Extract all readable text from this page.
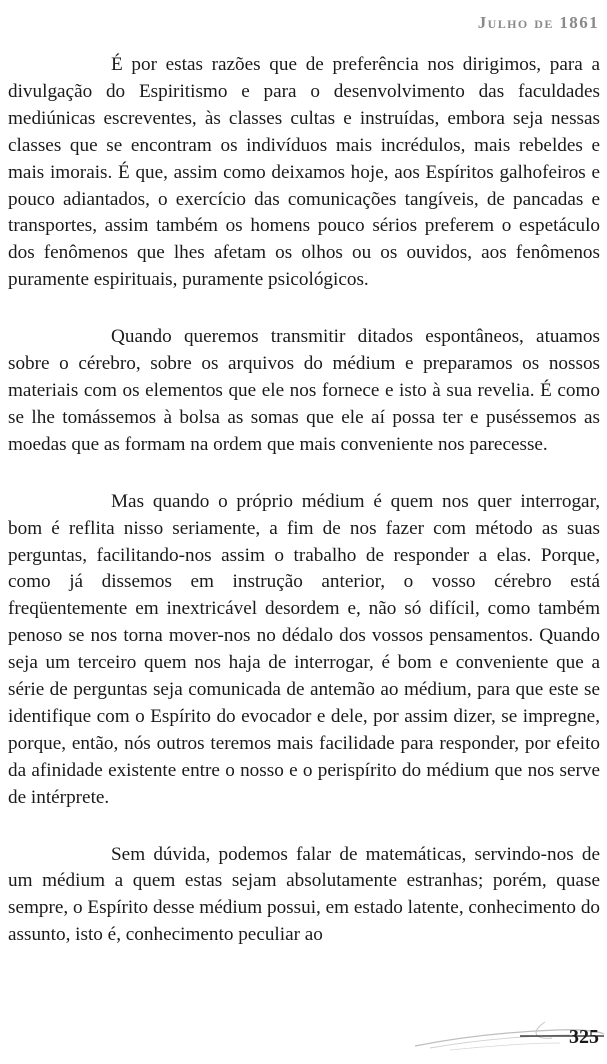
Julho de 1861

É por estas razões que de preferência nos dirigimos, para a divulgação do Espiritismo e para o desenvolvimento das faculdades mediúnicas escreventes, às classes cultas e instruídas, embora seja nessas classes que se encontram os indivíduos mais incrédulos, mais rebeldes e mais imorais. É que, assim como deixamos hoje, aos Espíritos galhofeiros e pouco adiantados, o exercício das comunicações tangíveis, de pancadas e transportes, assim também os homens pouco sérios preferem o espetáculo dos fenômenos que lhes afetam os olhos ou os ouvidos, aos fenômenos puramente espirituais, puramente psicológicos.

Quando queremos transmitir ditados espontâneos, atuamos sobre o cérebro, sobre os arquivos do médium e preparamos os nossos materiais com os elementos que ele nos fornece e isto à sua revelia. É como se lhe tomássemos à bolsa as somas que ele aí possa ter e puséssemos as moedas que as formam na ordem que mais conveniente nos parecesse.

Mas quando o próprio médium é quem nos quer interrogar, bom é reflita nisso seriamente, a fim de nos fazer com método as suas perguntas, facilitando-nos assim o trabalho de responder a elas. Porque, como já dissemos em instrução anterior, o vosso cérebro está freqüentemente em inextricável desordem e, não só difícil, como também penoso se nos torna mover-nos no dédalo dos vossos pensamentos. Quando seja um terceiro quem nos haja de interrogar, é bom e conveniente que a série de perguntas seja comunicada de antemão ao médium, para que este se identifique com o Espírito do evocador e dele, por assim dizer, se impregne, porque, então, nós outros teremos mais facilidade para responder, por efeito da afinidade existente entre o nosso e o perispírito do médium que nos serve de intérprete.

Sem dúvida, podemos falar de matemáticas, servindo-nos de um médium a quem estas sejam absolutamente estranhas; porém, quase sempre, o Espírito desse médium possui, em estado latente, conhecimento do assunto, isto é, conhecimento peculiar ao

325
